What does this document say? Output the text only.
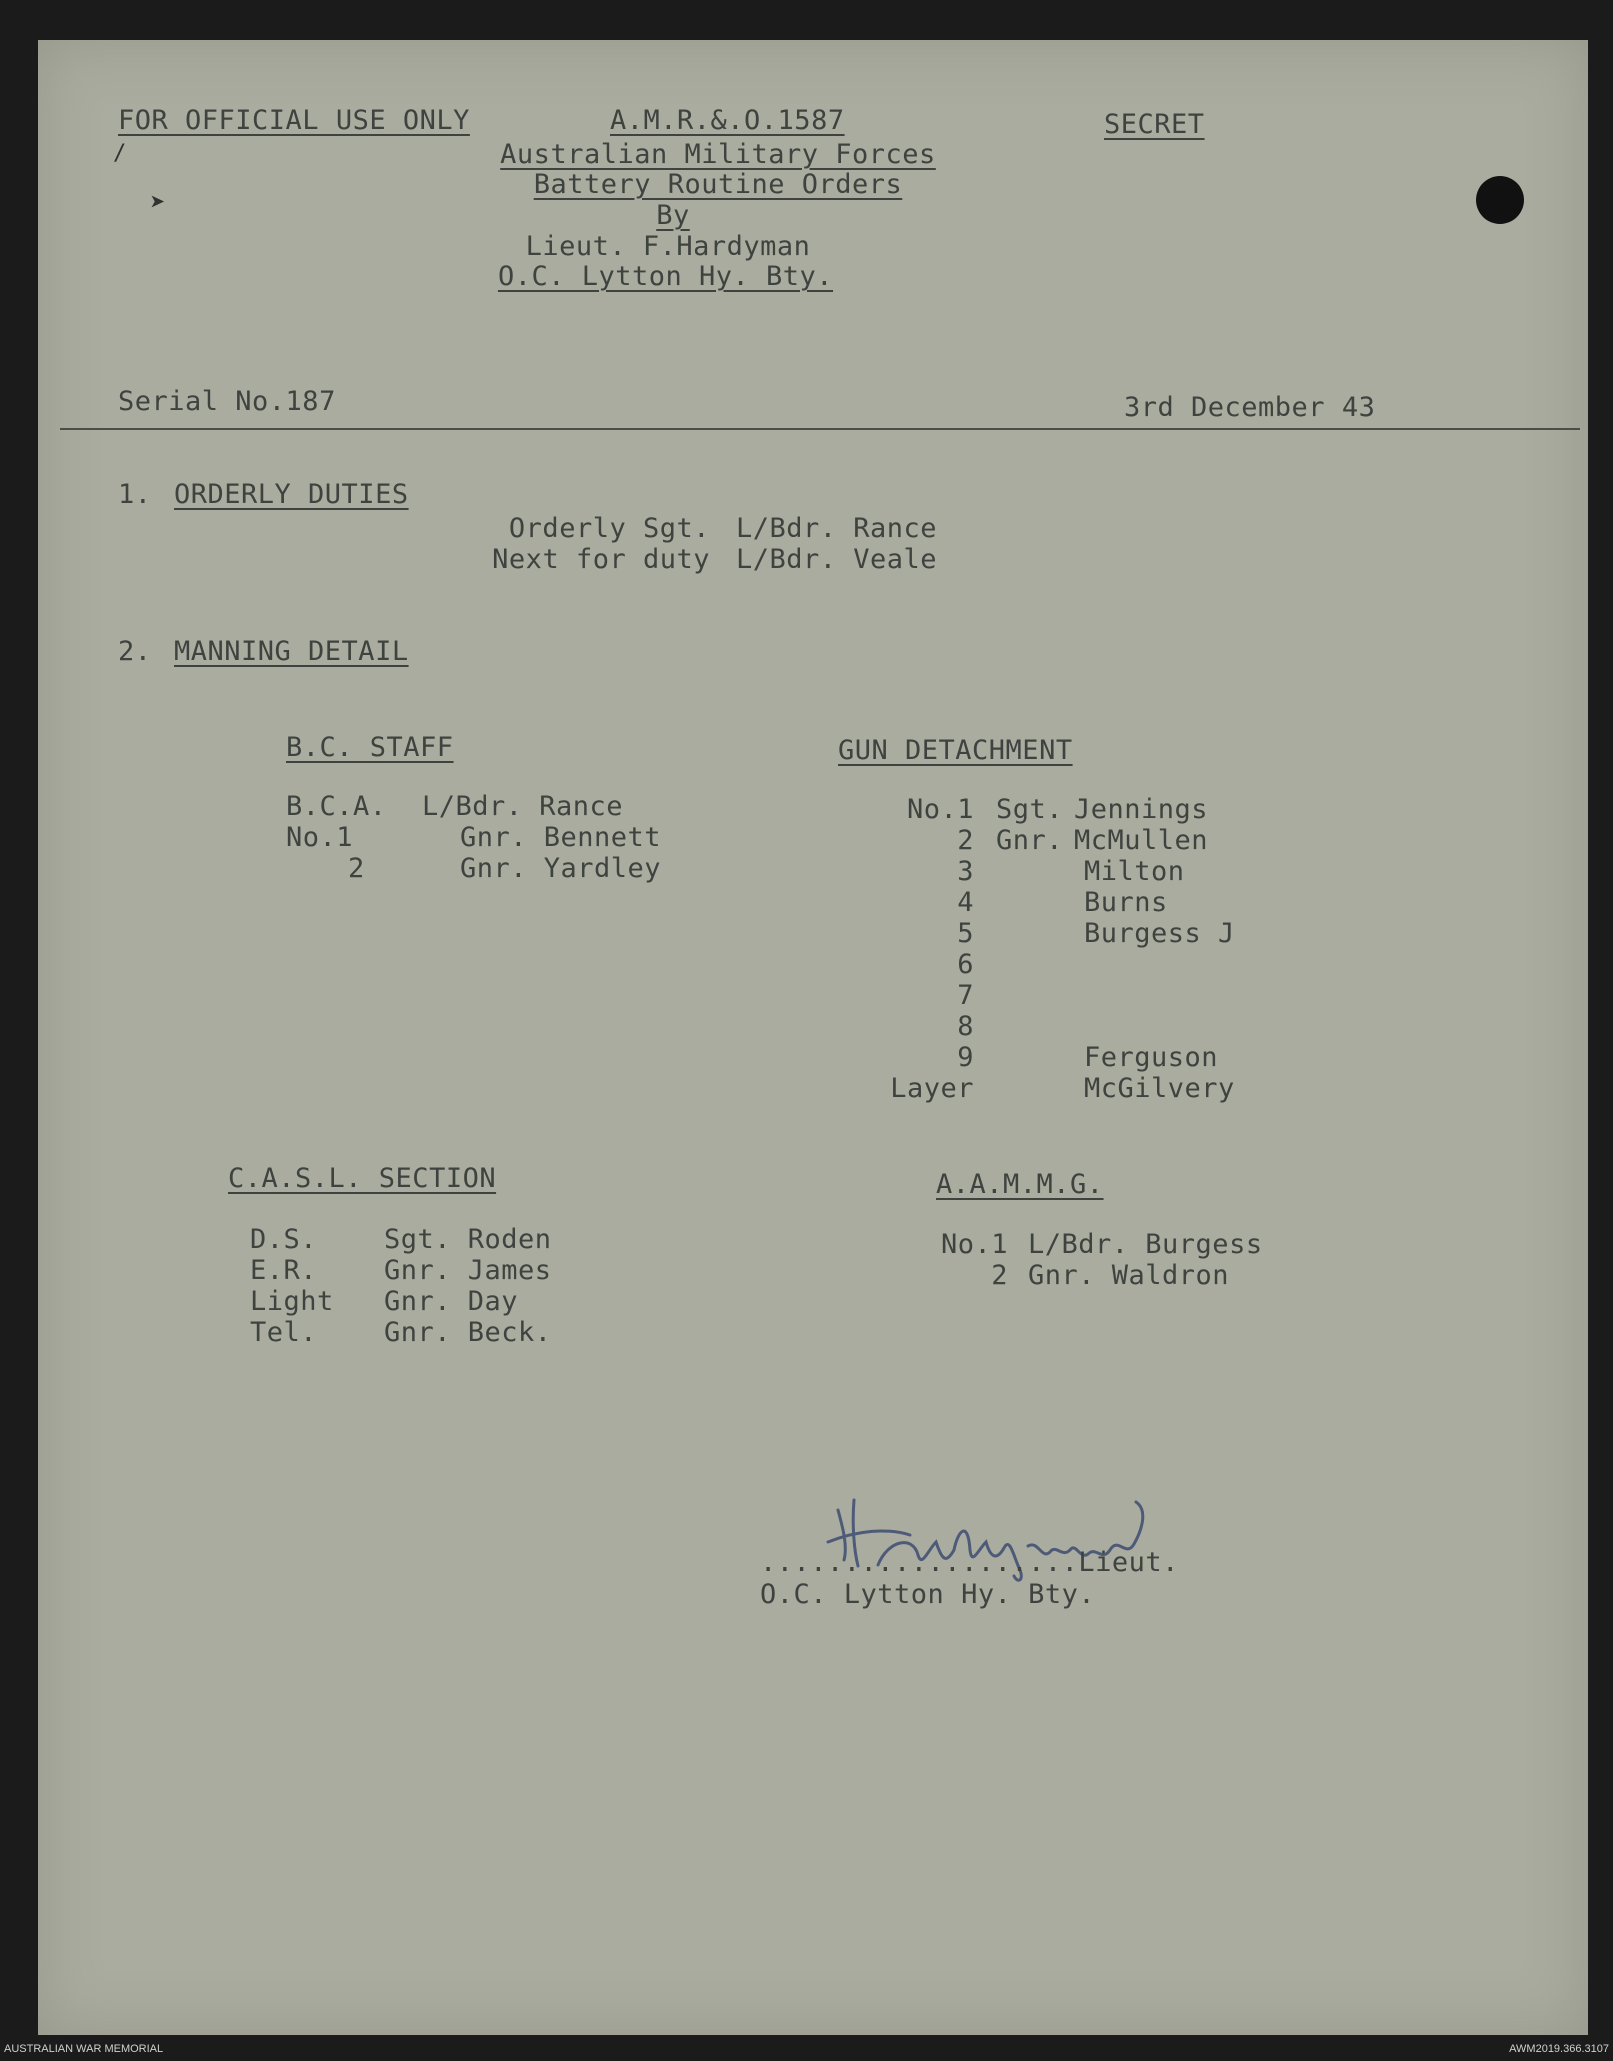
/
➤
FOR OFFICIAL USE ONLY	A.M.R.&.O.1587	SECRET
Australian Military Forces
Battery Routine Orders
By
Lieut. F.Hardyman
O.C. Lytton Hy. Bty.
Serial No.187	3rd December 43
1. ORDERLY DUTIES
Orderly Sgt. L/Bdr. Rance
Next for duty L/Bdr. Veale
2. MANNING DETAIL
B.C. STAFF
B.C.A. L/Bdr. Rance
No.1	Gnr. Bennett
2	Gnr. Yardley
GUN DETACHMENT
No.1 Sgt. Jennings
2 Gnr. McMullen
3	Milton
4	Burns
5	Burgess J
6
7
8
9	Ferguson
Layer	McGilvery
C.A.S.L. SECTION
D.S. Sgt. Roden
E.R. Gnr. James
Light Gnr. Day
Tel. Gnr. Beck.
A.A.M.M.G.
No.1 L/Bdr. Burgess
2 Gnr. Waldron
...................Lieut.
O.C. Lytton Hy. Bty.
AUSTRALIAN WAR MEMORIAL	AWM2019.366.3107
